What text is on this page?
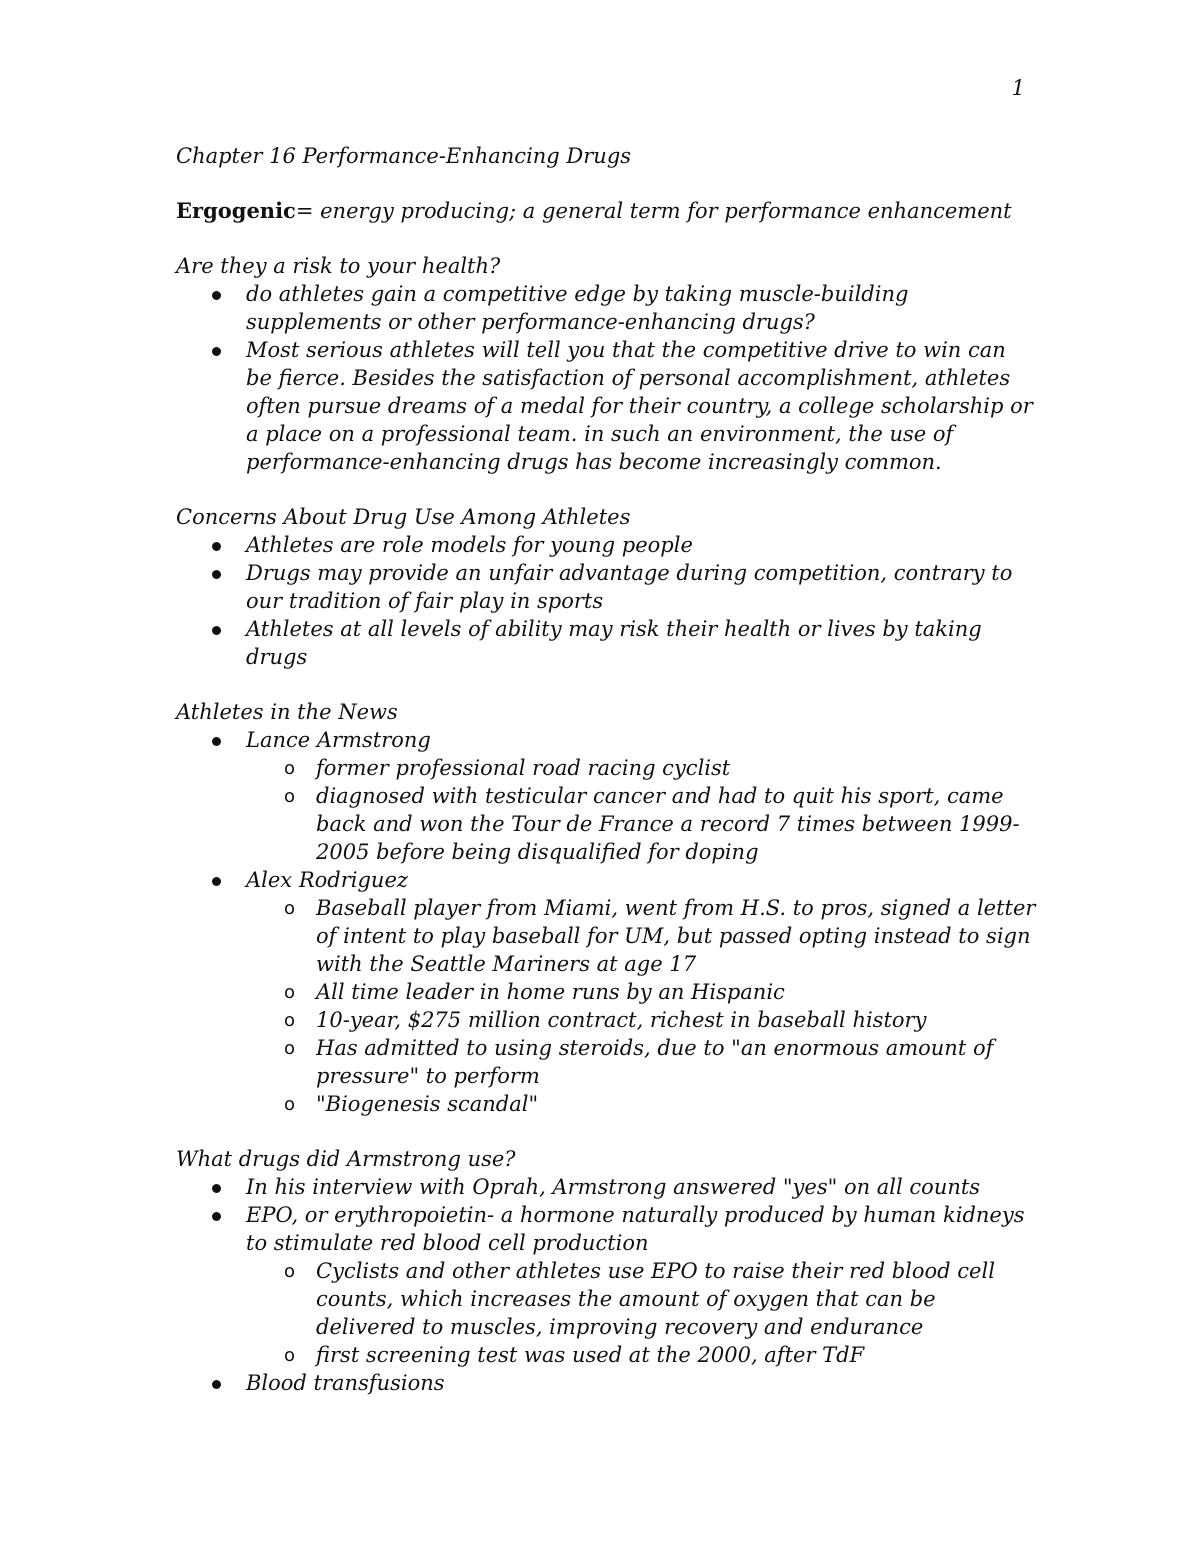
1

Chapter 16 Performance-Enhancing Drugs

Ergogenic= energy producing; a general term for performance enhancement

Are they a risk to your health?

do athletes gain a competitive edge by taking muscle-building supplements or other performance-enhancing drugs?
Most serious athletes will tell you that the competitive drive to win can be fierce. Besides the satisfaction of personal accomplishment, athletes often pursue dreams of a medal for their country, a college scholarship or a place on a professional team. in such an environment, the use of performance-enhancing drugs has become increasingly common.

Concerns About Drug Use Among Athletes

Athletes are role models for young people
Drugs may provide an unfair advantage during competition, contrary to our tradition of fair play in sports
Athletes at all levels of ability may risk their health or lives by taking drugs

Athletes in the News

Lance Armstrong
o former professional road racing cyclist
o diagnosed with testicular cancer and had to quit his sport, came back and won the Tour de France a record 7 times between 1999-2005 before being disqualified for doping
Alex Rodriguez
o Baseball player from Miami, went from H.S. to pros, signed a letter of intent to play baseball for UM, but passed opting instead to sign with the Seattle Mariners at age 17
o All time leader in home runs by an Hispanic
o 10-year, $275 million contract, richest in baseball history
o Has admitted to using steroids, due to "an enormous amount of pressure" to perform
o "Biogenesis scandal"

What drugs did Armstrong use?

In his interview with Oprah, Armstrong answered "yes" on all counts
EPO, or erythropoietin- a hormone naturally produced by human kidneys to stimulate red blood cell production
o Cyclists and other athletes use EPO to raise their red blood cell counts, which increases the amount of oxygen that can be delivered to muscles, improving recovery and endurance
o first screening test was used at the 2000, after TdF
Blood transfusions
